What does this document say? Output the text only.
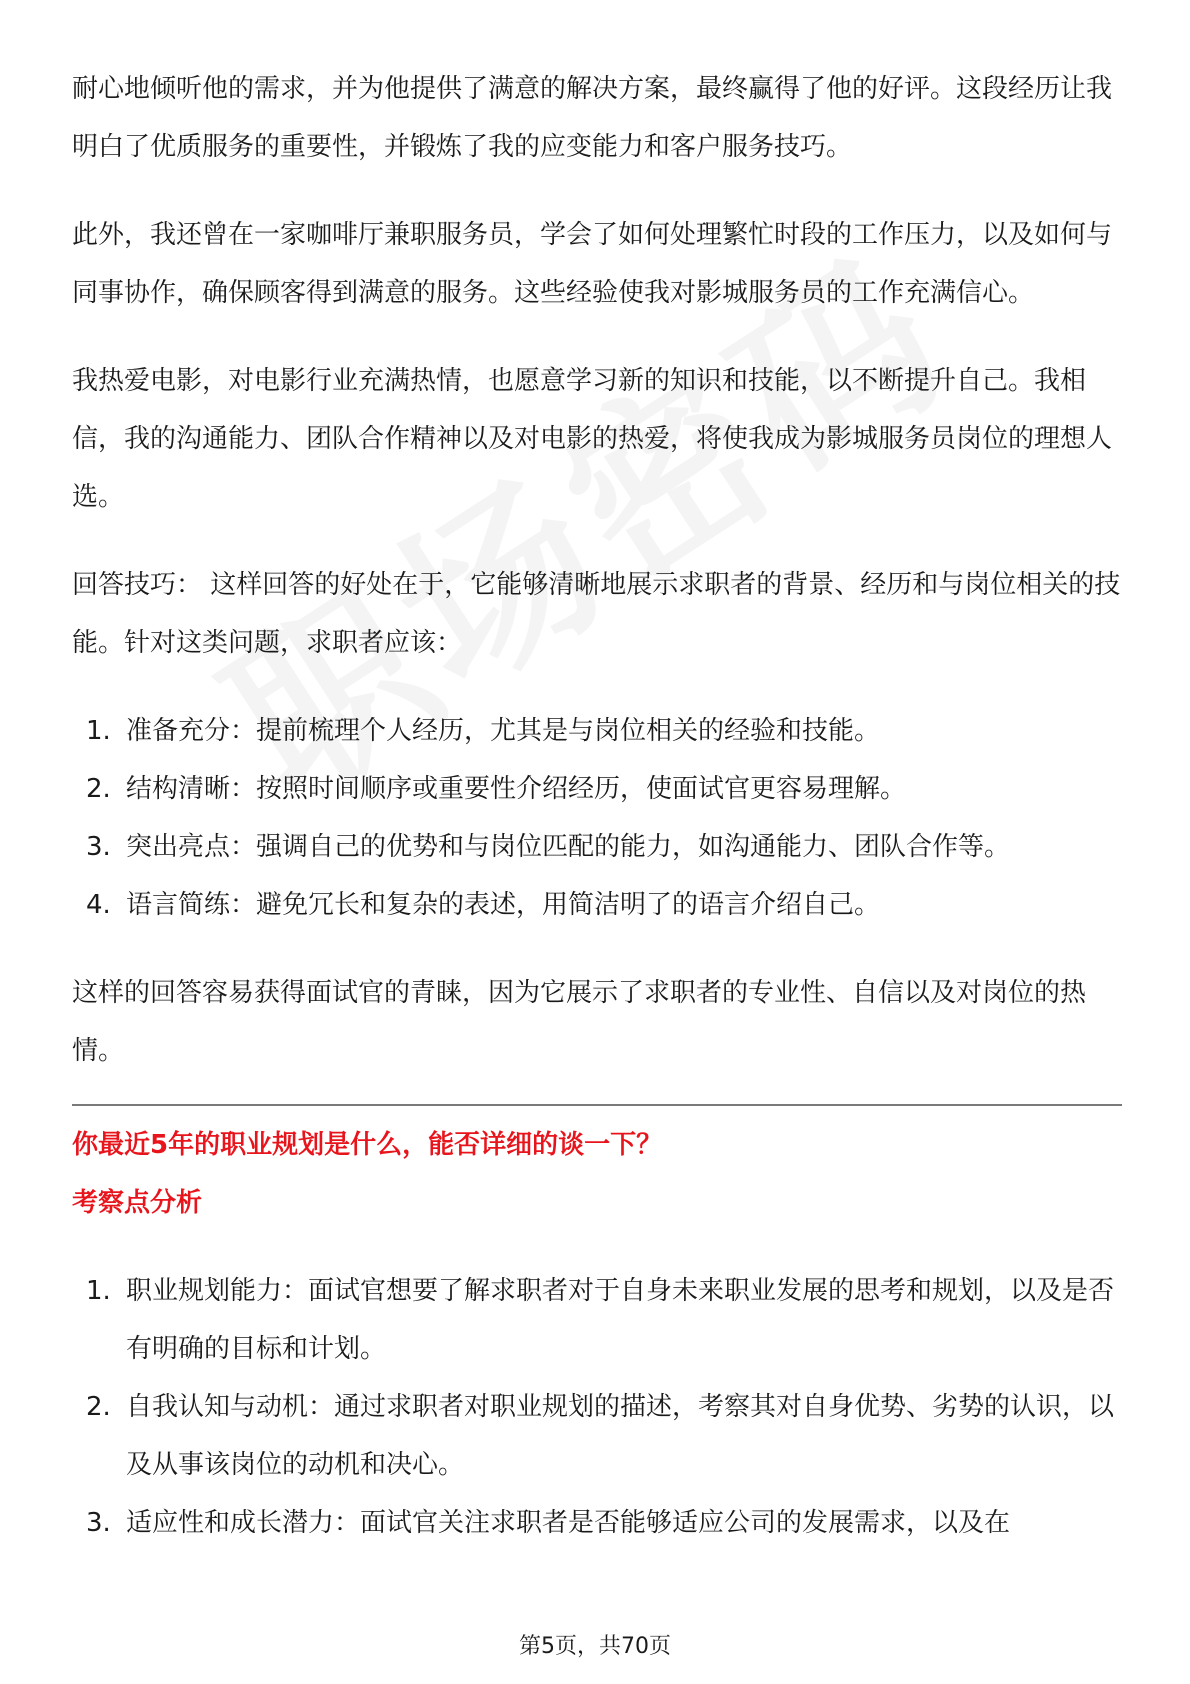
耐心地倾听他的需求，并为他提供了满意的解决方案，最终赢得了他的好评。这段经历让我明白了优质服务的重要性，并锻炼了我的应变能力和客户服务技巧。

此外，我还曾在一家咖啡厅兼职服务员，学会了如何处理繁忙时段的工作压力，以及如何与同事协作，确保顾客得到满意的服务。这些经验使我对影城服务员的工作充满信心。

我热爱电影，对电影行业充满热情，也愿意学习新的知识和技能，以不断提升自己。我相信，我的沟通能力、团队合作精神以及对电影的热爱，将使我成为影城服务员岗位的理想人选。

回答技巧： 这样回答的好处在于，它能够清晰地展示求职者的背景、经历和与岗位相关的技能。针对这类问题，求职者应该：

1. 准备充分：提前梳理个人经历，尤其是与岗位相关的经验和技能。
2. 结构清晰：按照时间顺序或重要性介绍经历，使面试官更容易理解。
3. 突出亮点：强调自己的优势和与岗位匹配的能力，如沟通能力、团队合作等。
4. 语言简练：避免冗长和复杂的表述，用简洁明了的语言介绍自己。

这样的回答容易获得面试官的青睐，因为它展示了求职者的专业性、自信以及对岗位的热情。

你最近5年的职业规划是什么，能否详细的谈一下？
考察点分析
1. 职业规划能力：面试官想要了解求职者对于自身未来职业发展的思考和规划，以及是否有明确的目标和计划。
2. 自我认知与动机：通过求职者对职业规划的描述，考察其对自身优势、劣势的认识，以及从事该岗位的动机和决心。
3. 适应性和成长潜力：面试官关注求职者是否能够适应公司的发展需求，以及在
第5页，共70页
